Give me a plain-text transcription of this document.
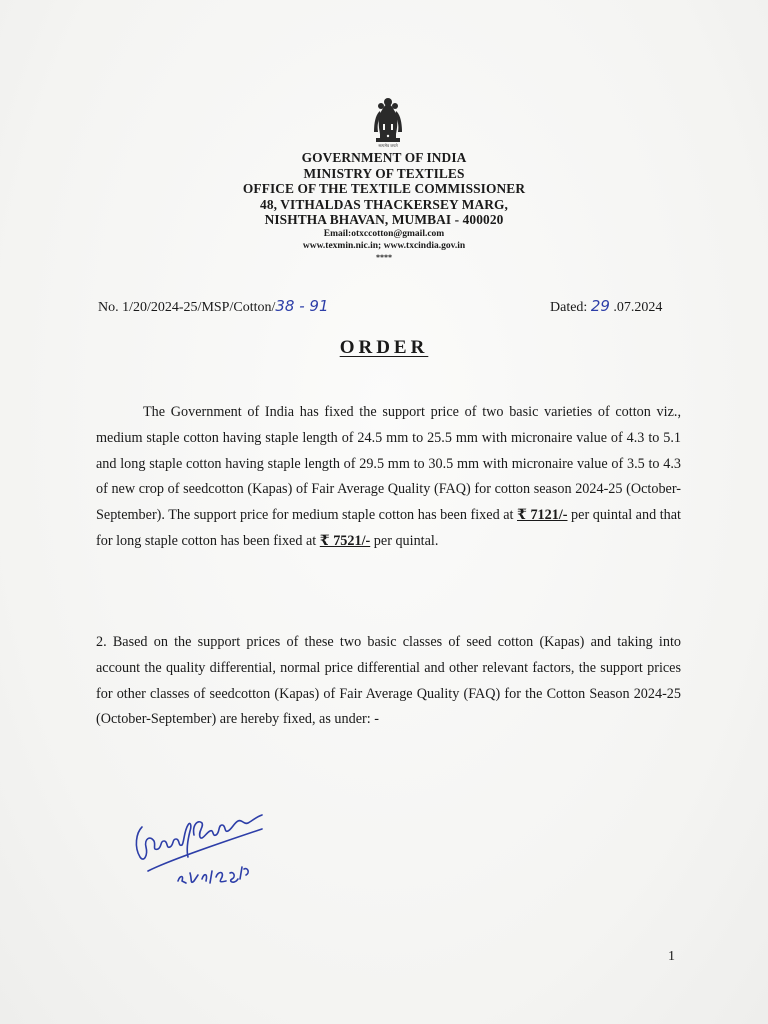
सत्यमेव जयते
GOVERNMENT OF INDIA
MINISTRY OF TEXTILES
OFFICE OF THE TEXTILE COMMISSIONER
48, VITHALDAS THACKERSEY MARG,
NISHTHA BHAVAN, MUMBAI - 400020
Email:otxccotton@gmail.com
www.texmin.nic.in; www.txcindia.gov.in
****
No. 1/20/2024-25/MSP/Cotton/38 - 91	Dated: 29 .07.2024
ORDER
The Government of India has fixed the support price of two basic varieties of cotton viz., medium staple cotton having staple length of 24.5 mm to 25.5 mm with micronaire value of 4.3 to 5.1 and long staple cotton having staple length of 29.5 mm to 30.5 mm with micronaire value of 3.5 to 4.3 of new crop of seedcotton (Kapas) of Fair Average Quality (FAQ) for cotton season 2024-25 (October-September). The support price for medium staple cotton has been fixed at ₹ 7121/- per quintal and that for long staple cotton has been fixed at ₹ 7521/- per quintal.
2. Based on the support prices of these two basic classes of seed cotton (Kapas) and taking into account the quality differential, normal price differential and other relevant factors, the support prices for other classes of seedcotton (Kapas) of Fair Average Quality (FAQ) for the Cotton Season 2024-25 (October-September) are hereby fixed, as under: -
1
